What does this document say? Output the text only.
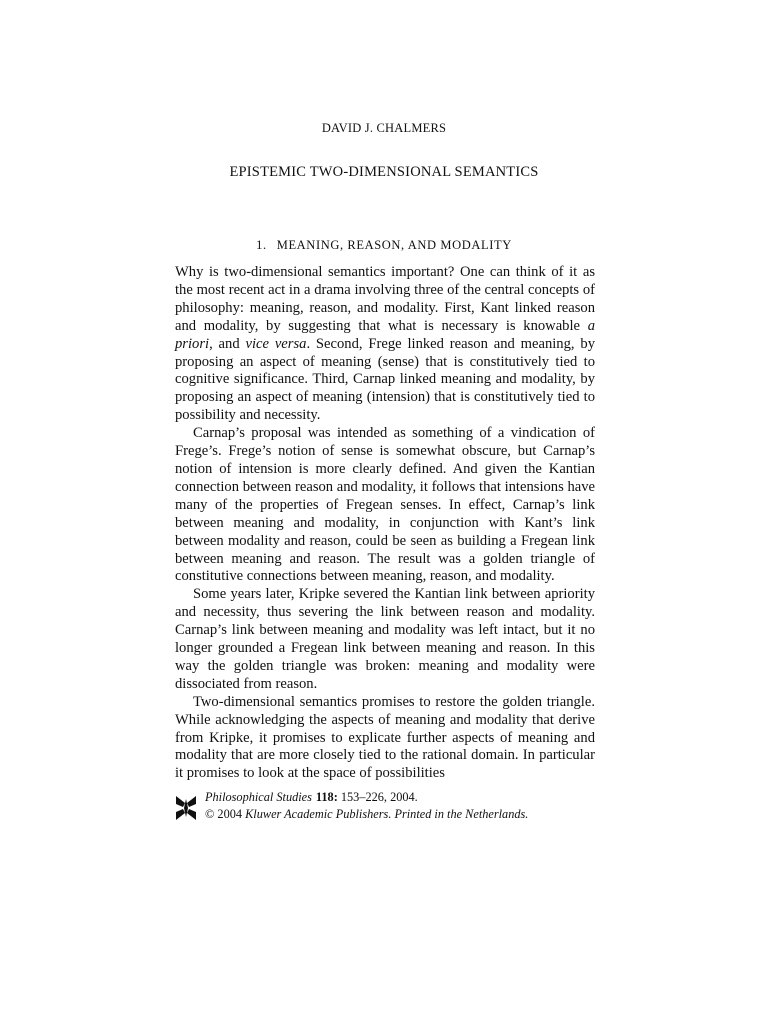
DAVID J. CHALMERS
EPISTEMIC TWO-DIMENSIONAL SEMANTICS
1. MEANING, REASON, AND MODALITY

Why is two-dimensional semantics important? One can think of it as the most recent act in a drama involving three of the central concepts of philosophy: meaning, reason, and modality. First, Kant linked reason and modality, by suggesting that what is necessary is knowable a priori, and vice versa. Second, Frege linked reason and meaning, by proposing an aspect of meaning (sense) that is constitutively tied to cognitive significance. Third, Carnap linked meaning and modality, by proposing an aspect of meaning (intension) that is constitutively tied to possibility and necessity.

Carnap’s proposal was intended as something of a vindication of Frege’s. Frege’s notion of sense is somewhat obscure, but Carnap’s notion of intension is more clearly defined. And given the Kantian connection between reason and modality, it follows that intensions have many of the properties of Fregean senses. In effect, Carnap’s link between meaning and modality, in conjunction with Kant’s link between modality and reason, could be seen as building a Fregean link between meaning and reason. The result was a golden triangle of constitutive connections between meaning, reason, and modality.

Some years later, Kripke severed the Kantian link between apriority and necessity, thus severing the link between reason and modality. Carnap’s link between meaning and modality was left intact, but it no longer grounded a Fregean link between meaning and reason. In this way the golden triangle was broken: meaning and modality were dissociated from reason.

Two-dimensional semantics promises to restore the golden triangle. While acknowledging the aspects of meaning and modality that derive from Kripke, it promises to explicate further aspects of meaning and modality that are more closely tied to the rational domain. In particular it promises to look at the space of possibilities

Philosophical Studies 118: 153–226, 2004.
© 2004 Kluwer Academic Publishers. Printed in the Netherlands.
